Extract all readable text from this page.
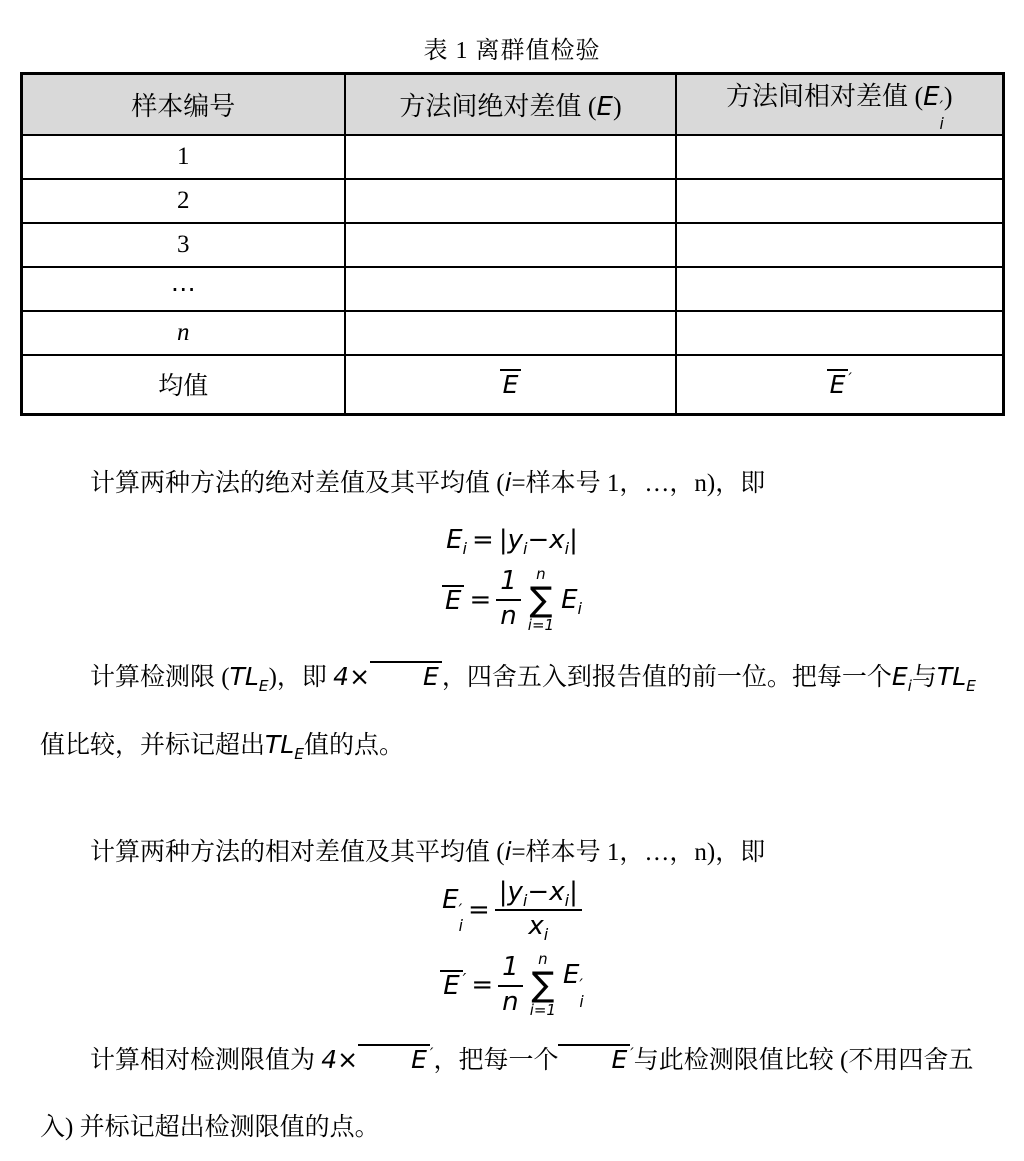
表 1 离群值检验
样本编号	方法间绝对差值 (E)	方法间相对差值 (E ′
i
)
1		
2		
3		
⋯		
n		
均值	E	E ′

计算两种方法的绝对差值及其平均值 (i=样本号 1，…，n)，即

$E_i = |y_i-x_i|$
$E = \frac{1}{n}$ n
∑
i=1
$E_i$

计算检测限 $(TL_E)$，即 4× E ，四舍五入到报告值的前一位。把每一个$E_i$与$TL_E$值比较，并标记超出$TL_E$值的点。

计算两种方法的相对差值及其平均值 (i=样本号 1，…，n)，即

E ′
i
= $\frac{|y_i-x_i|}{x_i}$
E $' = \frac{1}{n}$ n
∑
i=1
E ′
i

计算相对检测限值为 4× E ′，把每一个 E ′与此检测限值比较 (不用四舍五入) 并标记超出检测限值的点。
